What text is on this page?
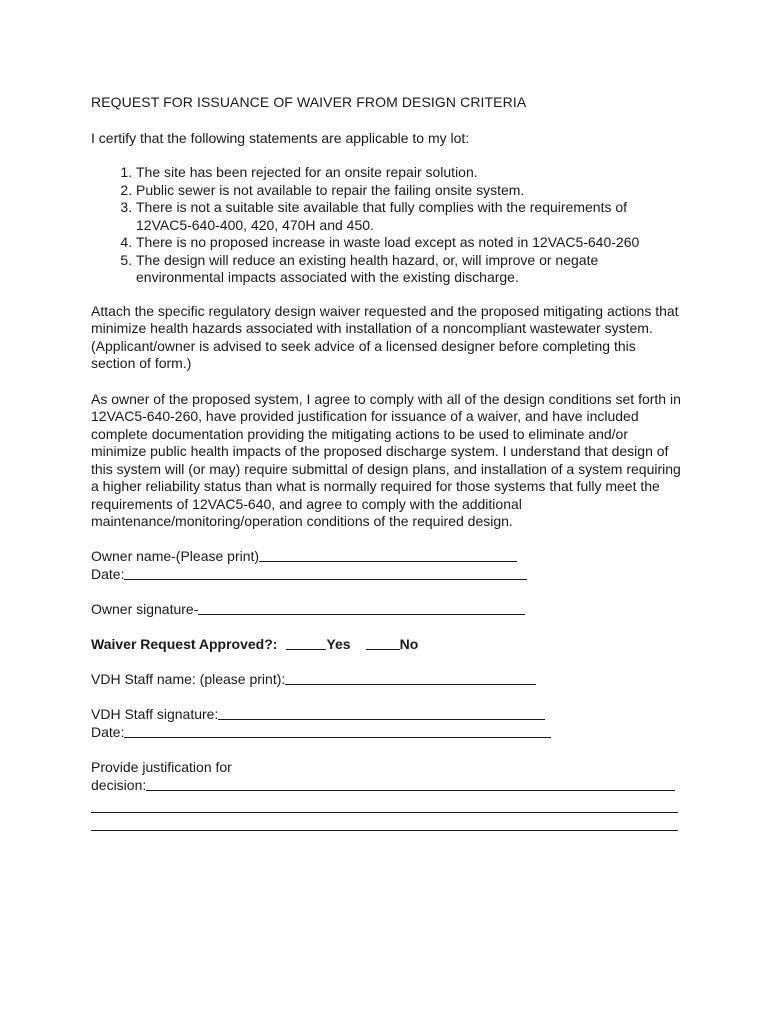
REQUEST FOR ISSUANCE OF WAIVER FROM DESIGN CRITERIA

I certify that the following statements are applicable to my lot:

1. The site has been rejected for an onsite repair solution.
2. Public sewer is not available to repair the failing onsite system.
3. There is not a suitable site available that fully complies with the requirements of 12VAC5-640-400, 420, 470H and 450.
4. There is no proposed increase in waste load except as noted in 12VAC5-640-260
5. The design will reduce an existing health hazard, or, will improve or negate environmental impacts associated with the existing discharge.

Attach the specific regulatory design waiver requested and the proposed mitigating actions that minimize health hazards associated with installation of a noncompliant wastewater system. (Applicant/owner is advised to seek advice of a licensed designer before completing this section of form.)

As owner of the proposed system, I agree to comply with all of the design conditions set forth in 12VAC5-640-260, have provided justification for issuance of a waiver, and have included complete documentation providing the mitigating actions to be used to eliminate and/or minimize public health impacts of the proposed discharge system. I understand that design of this system will (or may) require submittal of design plans, and installation of a system requiring a higher reliability status than what is normally required for those systems that fully meet the requirements of 12VAC5-640, and agree to comply with the additional maintenance/monitoring/operation conditions of the required design.

Owner name-(Please print)
Date:
Owner signature-
Waiver Request Approved?:	Yes	No
VDH Staff name: (please print):
VDH Staff signature:
Date:
Provide justification for
decision:
